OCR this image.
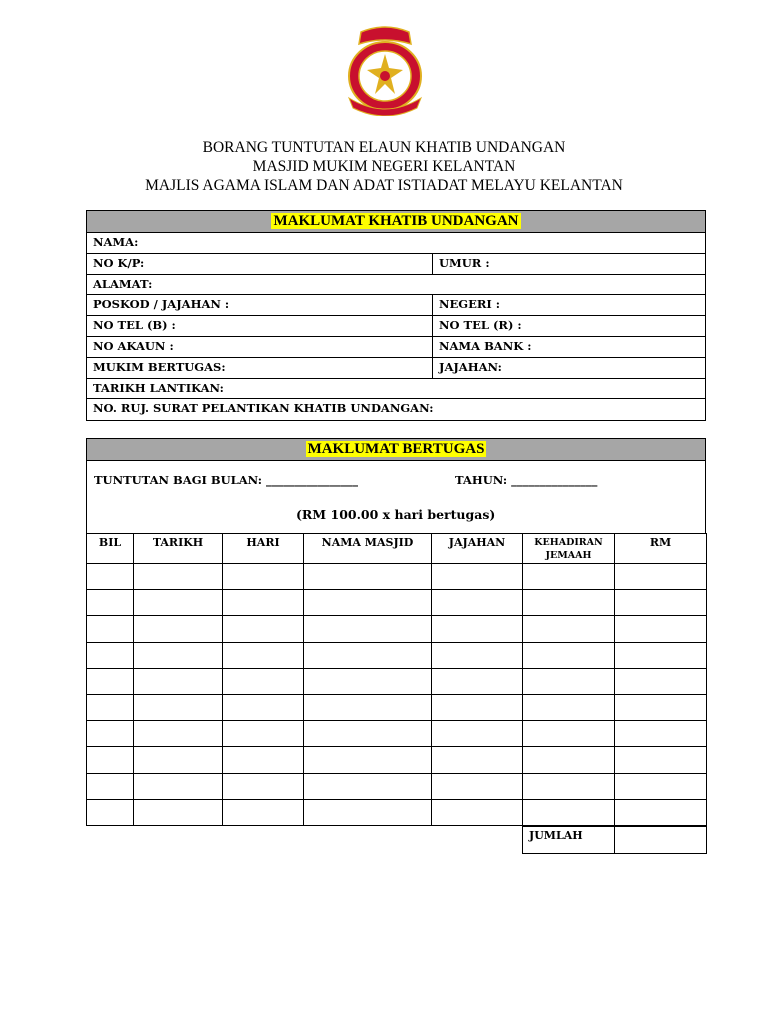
BORANG TUNTUTAN ELAUN KHATIB UNDANGAN
MASJID MUKIM NEGERI KELANTAN
MAJLIS AGAMA ISLAM DAN ADAT ISTIADAT MELAYU KELANTAN
MAKLUMAT KHATIB UNDANGAN
NAMA:
NO K/P:	UMUR :
ALAMAT:
POSKOD / JAJAHAN :	NEGERI :
NO TEL (B) :	NO TEL (R) :
NO AKAUN :	NAMA BANK :
MUKIM BERTUGAS:	JAJAHAN:
TARIKH LANTIKAN:
NO. RUJ. SURAT PELANTIKAN KHATIB UNDANGAN:
MAKLUMAT BERTUGAS
TUNTUTAN BAGI BULAN: ________________	TAHUN: _______________
(RM 100.00 x hari bertugas)
BIL	TARIKH	HARI	NAMA MASJID	JAJAHAN	KEHADIRAN JEMAAH	RM

JUMLAH	
